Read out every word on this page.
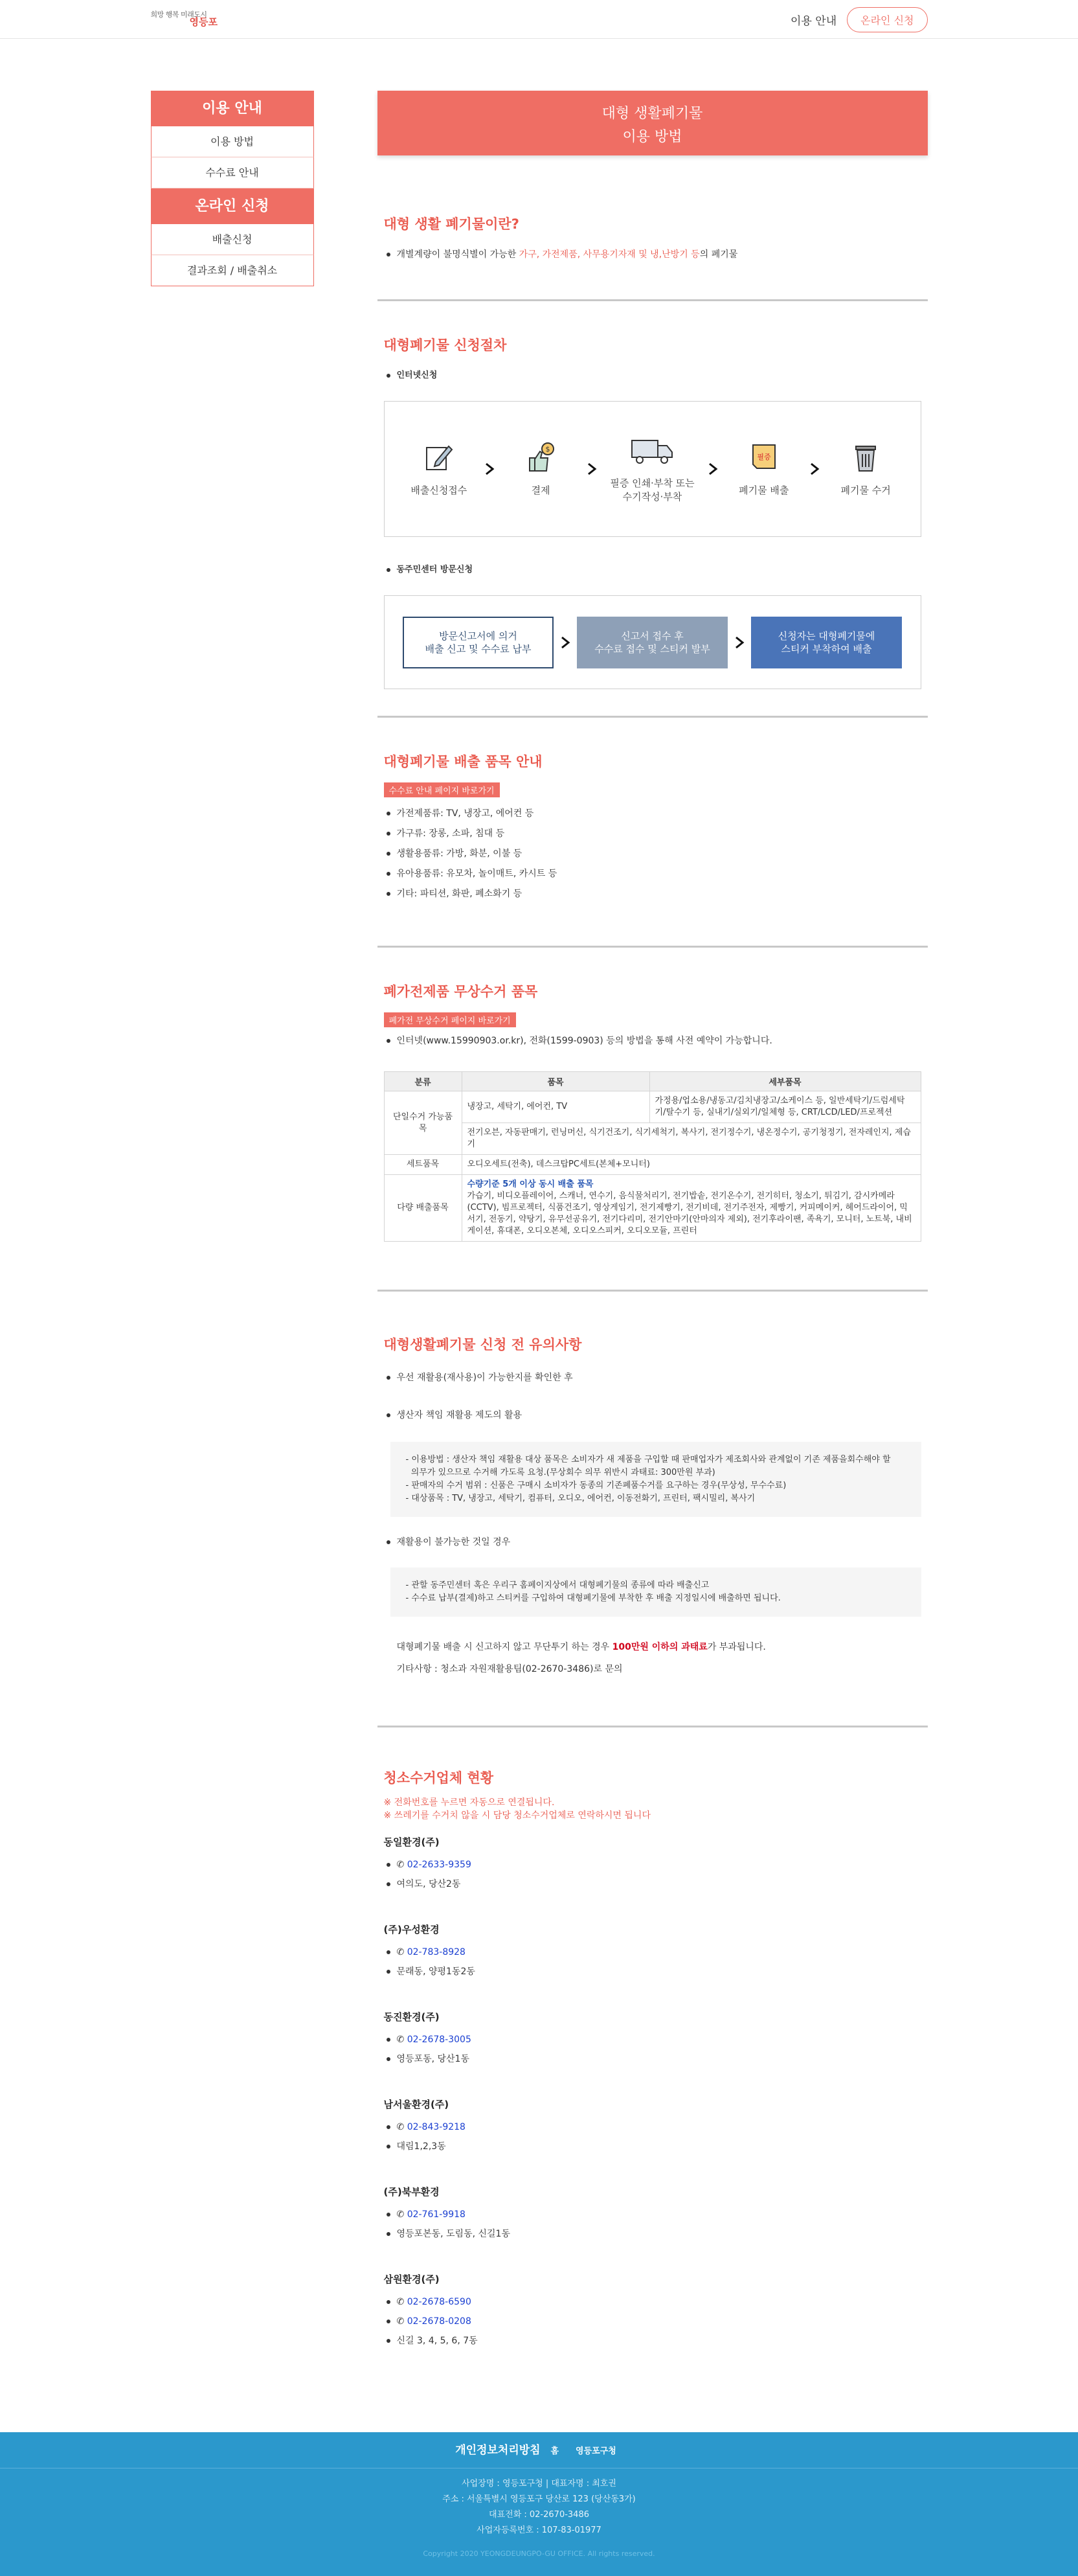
희망 행복 미래도시
영등포	이용 안내	온라인 신청
이용 안내
이용 방법
수수료 안내
온라인 신청
배출신청
결과조회 / 배출취소
대형 생활폐기물
이용 방법
대형 생활 폐기물이란?
개별계량이 불명식별이 가능한 가구, 가전제품, 사무용기자재 및 냉,난방기 등의 폐기물
대형폐기물 신청절차
인터넷신청
배출신청접수
$
결제
필증 인쇄·부착 또는
수기작성·부착
필증
폐기물 배출	폐기물 수거
동주민센터 방문신청
방문신고서에 의거
배출 신고 및 수수료 납부
신고서 접수 후
수수료 접수 및 스티커 발부
신청자는 대형폐기물에
스티커 부착하여 배출
대형폐기물 배출 품목 안내
수수료 안내 페이지 바로가기
가전제품류: TV, 냉장고, 에어컨 등
가구류: 장롱, 소파, 침대 등
생활용품류: 가방, 화분, 이불 등
유아용품류: 유모차, 놀이매트, 카시트 등
기타: 파티션, 화판, 폐소화기 등
폐가전제품 무상수거 품목
폐가전 무상수거 페이지 바로가기
인터넷(www.15990903.or.kr), 전화(1599-0903) 등의 방법을 통해 사전 예약이 가능합니다.
분류	품목	세부품목
단일수거 가능품목	냉장고, 세탁기, 에어컨, TV	가정용/업소용/냉동고/김치냉장고/소케이스 등, 일반세탁기/드럼세탁기/탈수기 등, 실내기/실외기/일체형 등, CRT/LCD/LED/프로젝션
	전기오븐, 자동판매기, 런닝머신, 식기건조기, 식기세척기, 복사기, 전기정수기, 냉온정수기, 공기청정기, 전자레인지, 제습기	
세트품목	오디오세트(전축), 데스크탑PC세트(본체+모니터)	
다량 배출품목	수량기준 5개 이상 동시 배출 품목
가습기, 비디오플레이어, 스캐너, 연수기, 음식물처리기, 전기밥솥, 전기온수기, 전기히터, 청소기, 튀김기, 감시카메라(CCTV), 빔프로젝터, 식품건조기, 영상게임기, 전기제빵기, 전기비데, 전기주전자, 제빵기, 커피메이커, 헤어드라이어, 믹서기, 전동기, 약탕기, 유무선공유기, 전기다리미, 전기안마기(안마의자 제외), 전기후라이팬, 족욕기, 모니터, 노트북, 내비게이션, 휴대폰, 오디오본체, 오디오스피커, 오디오모듈, 프린터	
대형생활폐기물 신청 전 유의사항
우선 재활용(재사용)이 가능한지를 확인한 후
생산자 책임 재활용 제도의 활용
- 이용방법 : 생산자 책임 재활용 대상 품목은 소비자가 새 제품을 구입할 때 판매업자가 제조회사와 관계없이 기존 제품을회수해야 할
의무가 있으므로 수거해 가도록 요청.(무상회수 의무 위반시 과태료: 300만원 부과)
- 판매자의 수거 범위 : 신품은 구매시 소비자가 동종의 기존폐품수거를 요구하는 경우(무상성, 무수수료)
- 대상품목 : TV, 냉장고, 세탁기, 컴퓨터, 오디오, 에어컨, 이동전화기, 프린터, 팩시밀리, 복사기
재활용이 불가능한 것일 경우
- 관할 동주민센터 혹은 우리구 홈페이지상에서 대형폐기물의 종류에 따라 배출신고
- 수수료 납부(결제)하고 스티커를 구입하여 대형폐기물에 부착한 후 배출 지정일시에 배출하면 됩니다.
대형폐기물 배출 시 신고하지 않고 무단투기 하는 경우 100만원 이하의 과태료가 부과됩니다.
기타사항 : 청소과 자원재활용팀(02-2670-3486)로 문의
청소수거업체 현황
※ 전화번호를 누르면 자동으로 연결됩니다.
※ 쓰레기를 수거치 않을 시 담당 청소수거업체로 연락하시면 됩니다
동일환경(주)
✆ 02-2633-9359
여의도, 당산2동
(주)우성환경
✆ 02-783-8928
문래동, 양평1동2동
동진환경(주)
✆ 02-2678-3005
영등포동, 당산1동
남서울환경(주)
✆ 02-843-9218
대림1,2,3동
(주)북부환경
✆ 02-761-9918
영등포본동, 도림동, 신길1동
삼원환경(주)
✆ 02-2678-6590
✆ 02-2678-0208
신길 3, 4, 5, 6, 7동
개인정보처리방침 홈 영등포구청
사업장명 : 영등포구청 | 대표자명 : 최호권
주소 : 서울특별시 영등포구 당산로 123 (당산동3가)
대표전화 : 02-2670-3486
사업자등록번호 : 107-83-01977
Copyright 2020 YEONGDEUNGPO-GU OFFICE. All rights reserved.
